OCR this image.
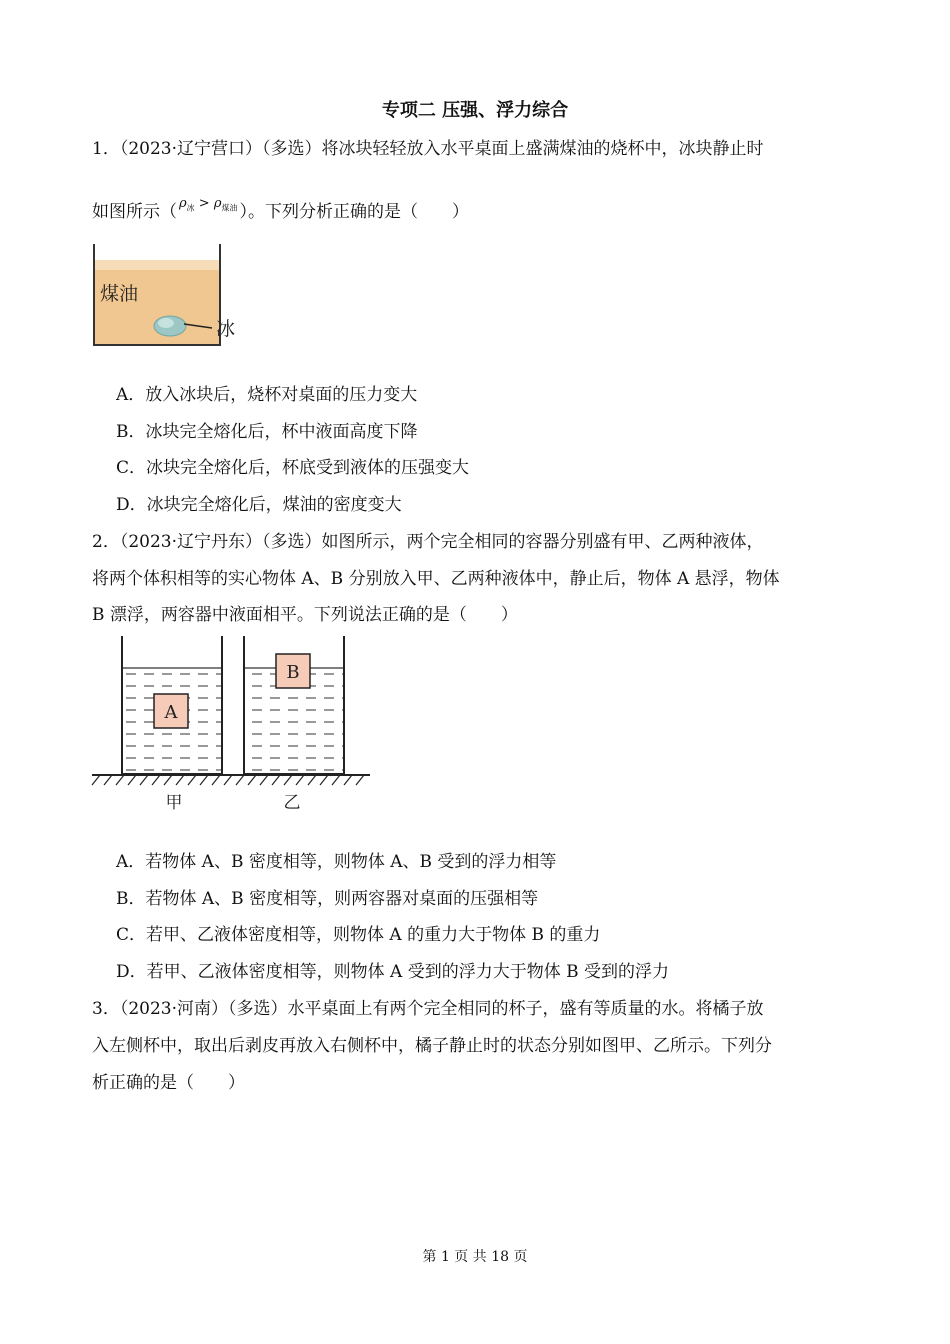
专项二 压强、浮力综合
1．（2023·辽宁营口）（多选）将冰块轻轻放入水平桌面上盛满煤油的烧杯中，冰块静止时
如图所示（ $\rho_冰 > \rho_{煤油}$ ）。下列分析正确的是（　　）
煤油
冰
A．放入冰块后，烧杯对桌面的压力变大
B．冰块完全熔化后，杯中液面高度下降
C．冰块完全熔化后，杯底受到液体的压强变大
D．冰块完全熔化后，煤油的密度变大
2．（2023·辽宁丹东）（多选）如图所示，两个完全相同的容器分别盛有甲、乙两种液体，
将两个体积相等的实心物体 A、B 分别放入甲、乙两种液体中，静止后，物体 A 悬浮，物体
B 漂浮，两容器中液面相平。下列说法正确的是（　　）
A
B
甲	乙
A．若物体 A、B 密度相等，则物体 A、B 受到的浮力相等
B．若物体 A、B 密度相等，则两容器对桌面的压强相等
C．若甲、乙液体密度相等，则物体 A 的重力大于物体 B 的重力
D．若甲、乙液体密度相等，则物体 A 受到的浮力大于物体 B 受到的浮力
3．（2023·河南）（多选）水平桌面上有两个完全相同的杯子，盛有等质量的水。将橘子放
入左侧杯中，取出后剥皮再放入右侧杯中，橘子静止时的状态分别如图甲、乙所示。下列分
析正确的是（　　）
第 1 页 共 18 页
